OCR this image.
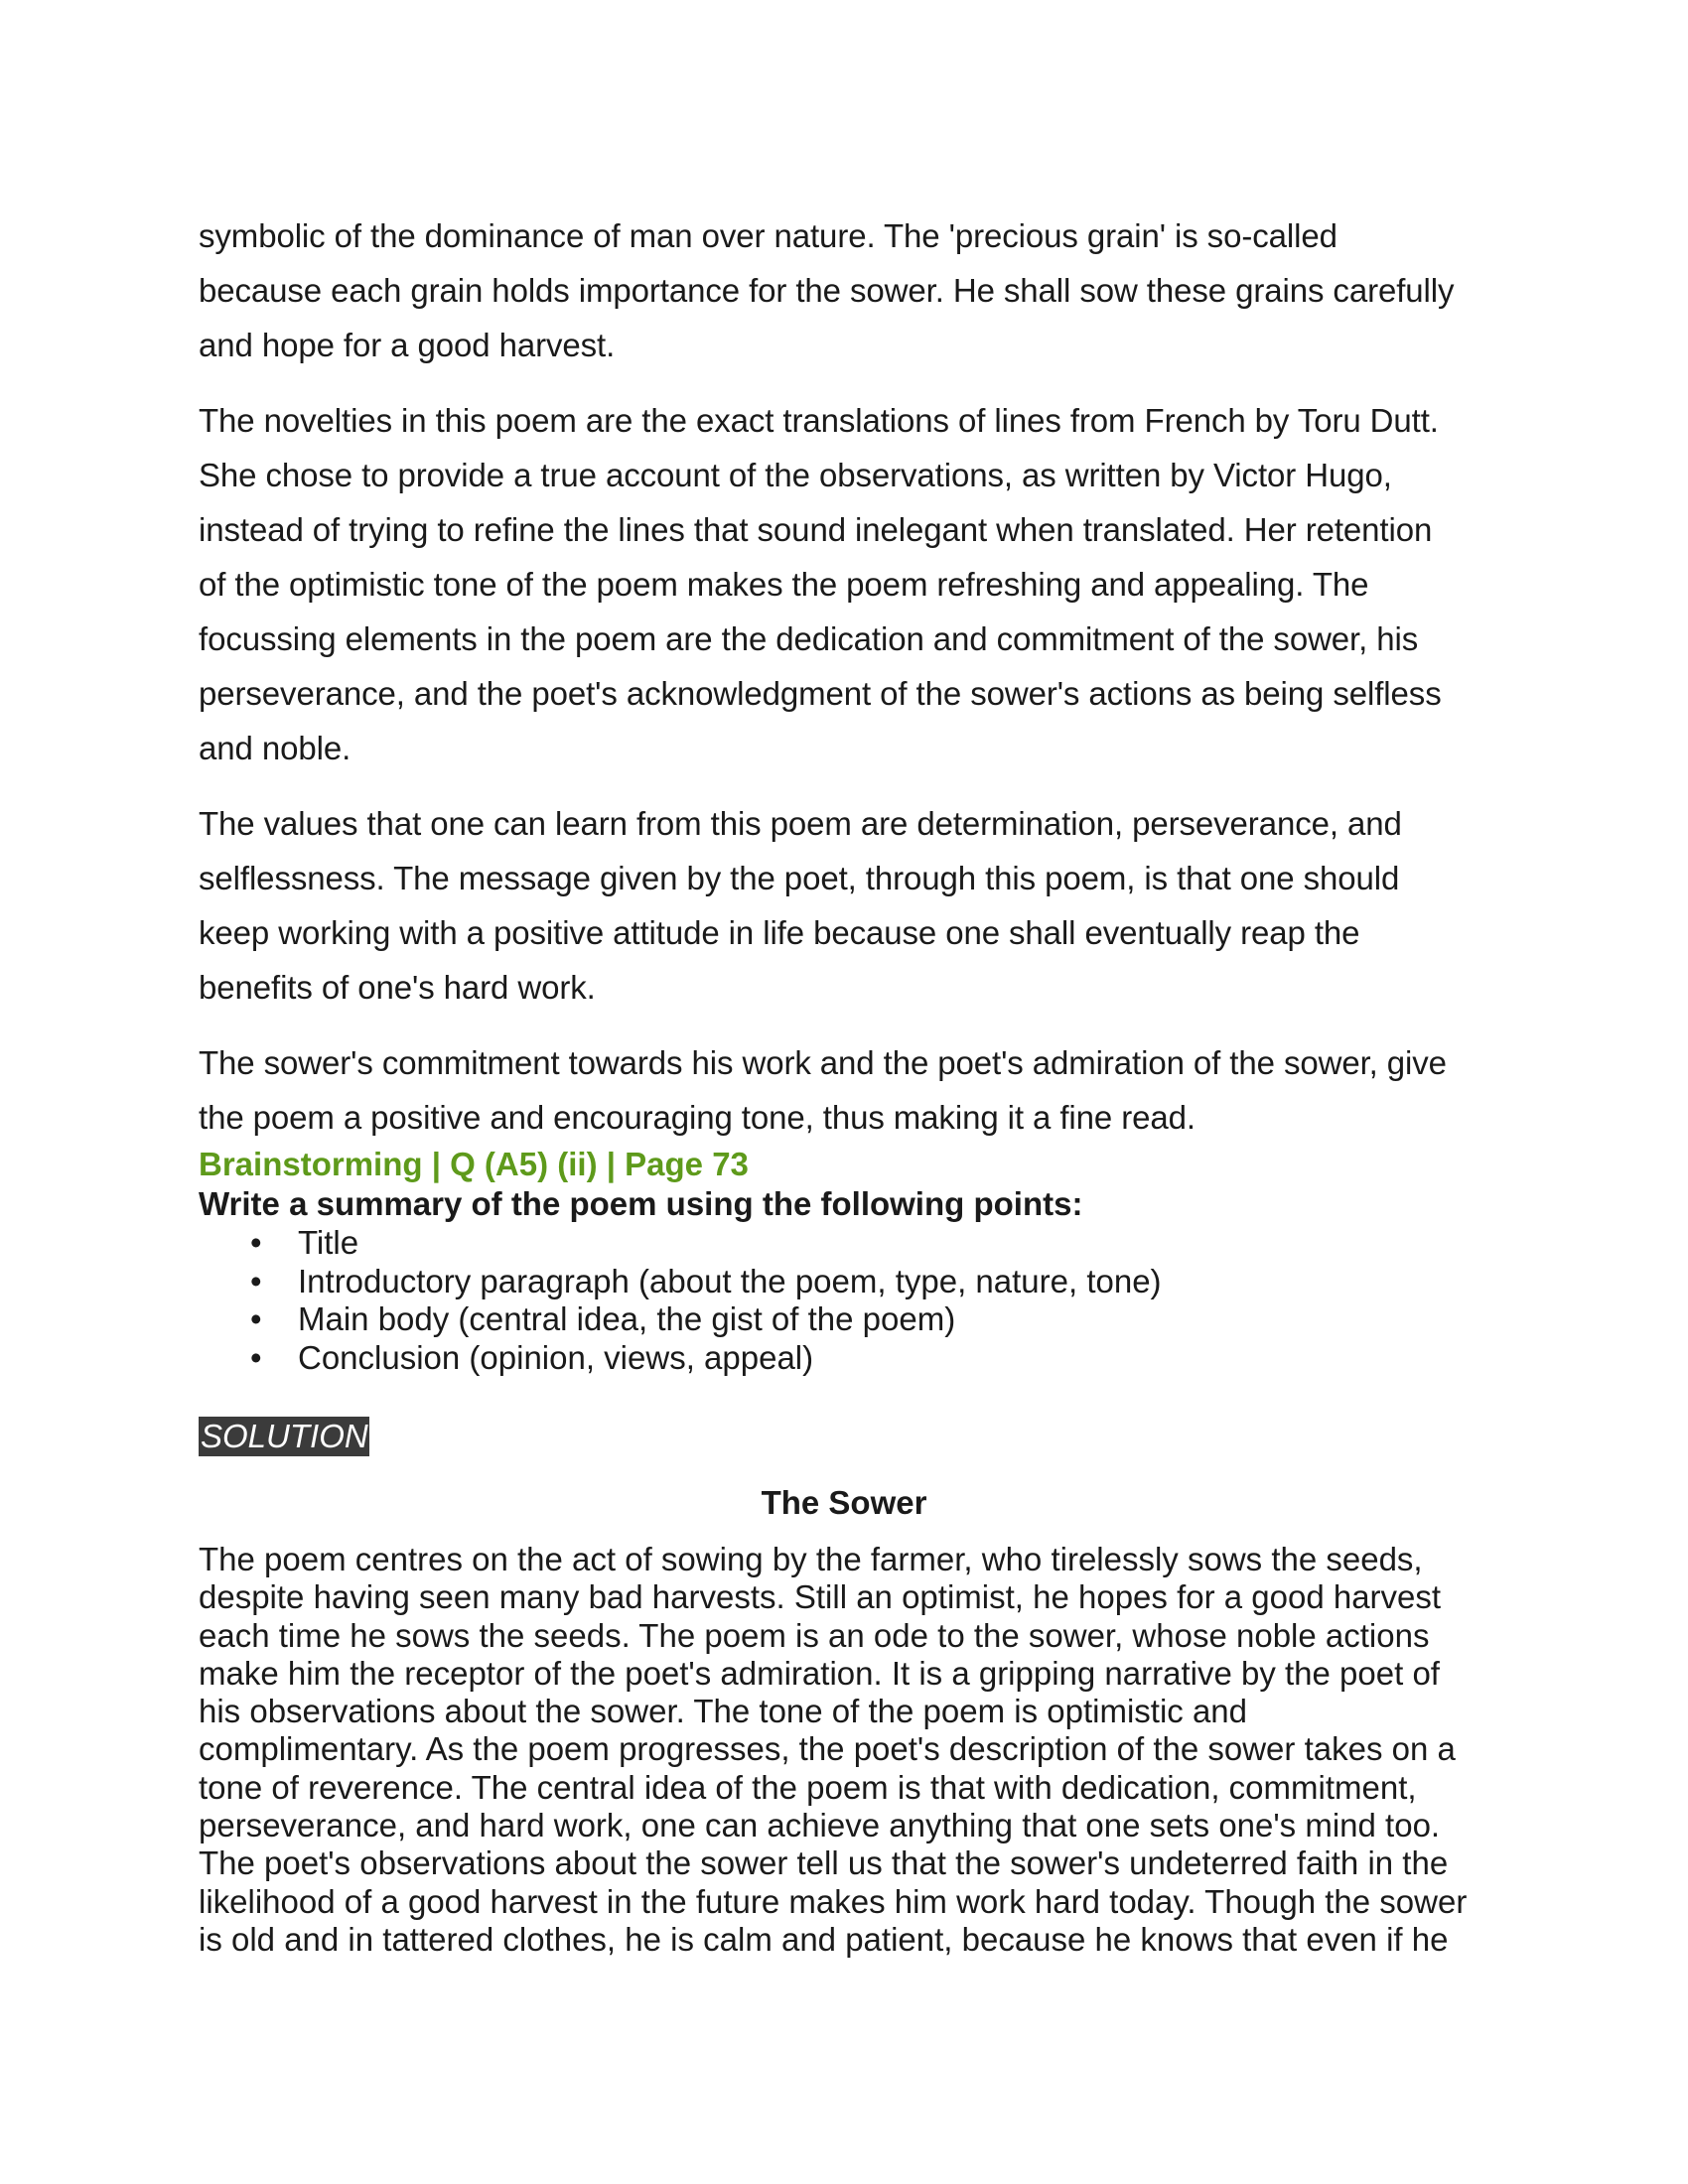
symbolic of the dominance of man over nature. The 'precious grain' is so-called
because each grain holds importance for the sower. He shall sow these grains carefully
and hope for a good harvest.

The novelties in this poem are the exact translations of lines from French by Toru Dutt.
She chose to provide a true account of the observations, as written by Victor Hugo,
instead of trying to refine the lines that sound inelegant when translated. Her retention
of the optimistic tone of the poem makes the poem refreshing and appealing. The
focussing elements in the poem are the dedication and commitment of the sower, his
perseverance, and the poet's acknowledgment of the sower's actions as being selfless
and noble.

The values that one can learn from this poem are determination, perseverance, and
selflessness. The message given by the poet, through this poem, is that one should
keep working with a positive attitude in life because one shall eventually reap the
benefits of one's hard work.

The sower's commitment towards his work and the poet's admiration of the sower, give
the poem a positive and encouraging tone, thus making it a fine read.

Brainstorming | Q (A5) (ii) | Page 73

Write a summary of the poem using the following points:

• Title
• Introductory paragraph (about the poem, type, nature, tone)
• Main body (central idea, the gist of the poem)
• Conclusion (opinion, views, appeal)
SOLUTION

The Sower

The poem centres on the act of sowing by the farmer, who tirelessly sows the seeds,
despite having seen many bad harvests. Still an optimist, he hopes for a good harvest
each time he sows the seeds. The poem is an ode to the sower, whose noble actions
make him the receptor of the poet's admiration. It is a gripping narrative by the poet of
his observations about the sower. The tone of the poem is optimistic and
complimentary. As the poem progresses, the poet's description of the sower takes on a
tone of reverence. The central idea of the poem is that with dedication, commitment,
perseverance, and hard work, one can achieve anything that one sets one's mind too.
The poet's observations about the sower tell us that the sower's undeterred faith in the
likelihood of a good harvest in the future makes him work hard today. Though the sower
is old and in tattered clothes, he is calm and patient, because he knows that even if he
